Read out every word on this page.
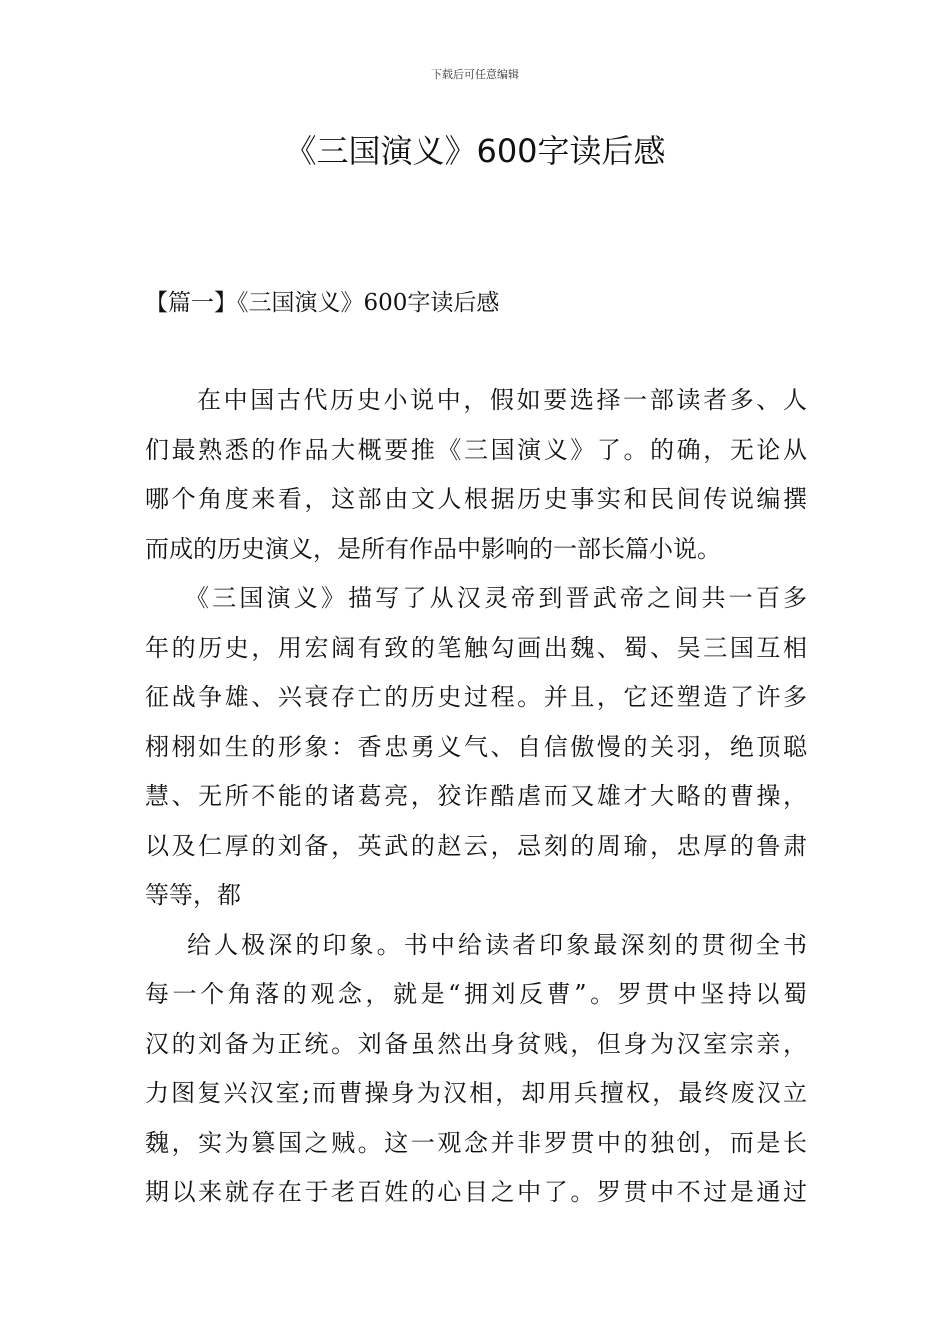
下载后可任意编辑
《三国演义》600字读后感
【篇一】《三国演义》600字读后感
在中国古代历史小说中，假如要选择一部读者多、人
们最熟悉的作品大概要推《三国演义》了。的确，无论从
哪个角度来看，这部由文人根据历史事实和民间传说编撰
而成的历史演义，是所有作品中影响的一部长篇小说。
《三国演义》描写了从汉灵帝到晋武帝之间共一百多
年的历史，用宏阔有致的笔触勾画出魏、蜀、吴三国互相
征战争雄、兴衰存亡的历史过程。并且，它还塑造了许多
栩栩如生的形象：香忠勇义气、自信傲慢的关羽，绝顶聪
慧、无所不能的诸葛亮，狡诈酷虐而又雄才大略的曹操，
以及仁厚的刘备，英武的赵云，忌刻的周瑜，忠厚的鲁肃
等等，都
给人极深的印象。书中给读者印象最深刻的贯彻全书
每一个角落的观念，就是“拥刘反曹”。罗贯中坚持以蜀
汉的刘备为正统。刘备虽然出身贫贱，但身为汉室宗亲，
力图复兴汉室;而曹操身为汉相，却用兵擅权，最终废汉立
魏，实为篡国之贼。这一观念并非罗贯中的独创，而是长
期以来就存在于老百姓的心目之中了。罗贯中不过是通过
